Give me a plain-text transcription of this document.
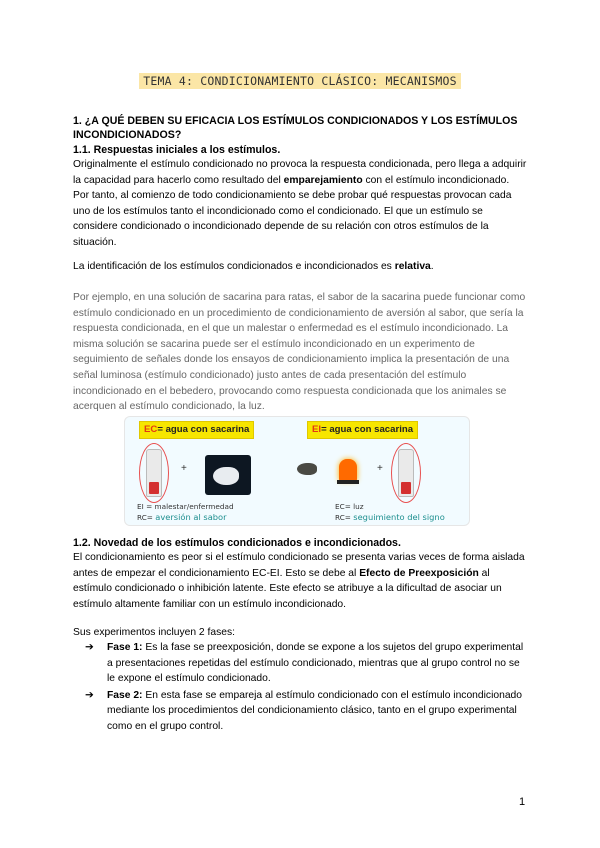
TEMA 4: CONDICIONAMIENTO CLÁSICO: MECANISMOS
1. ¿A QUÉ DEBEN SU EFICACIA LOS ESTÍMULOS CONDICIONADOS Y LOS ESTÍMULOS INCONDICIONADOS?
1.1. Respuestas iniciales a los estímulos.
Originalmente el estímulo condicionado no provoca la respuesta condicionada, pero llega a adquirir la capacidad para hacerlo como resultado del emparejamiento con el estímulo incondicionado. Por tanto, al comienzo de todo condicionamiento se debe probar qué respuestas provocan cada uno de los estímulos tanto el incondicionado como el condicionado. El que un estímulo se considere condicionado o incondicionado depende de su relación con otros estímulos de la situación.
La identificación de los estímulos condicionados e incondicionados es relativa.
Por ejemplo, en una solución de sacarina para ratas, el sabor de la sacarina puede funcionar como estímulo condicionado en un procedimiento de condicionamiento de aversión al sabor, que sería la respuesta condicionada, en el que un malestar o enfermedad es el estímulo incondicionado. La misma solución se sacarina puede ser el estímulo incondicionado en un experimento de seguimiento de señales donde los ensayos de condicionamiento implica la presentación de una señal luminosa (estímulo condicionado) justo antes de cada presentación del estímulo incondicionado en el bebedero, provocando como respuesta condicionada que los animales se acerquen al estímulo condicionado, la luz.
EC= agua con sacarina	EI= agua con sacarina
+	+
EI = malestar/enfermedad
RC= aversión al sabor
EC= luz
RC= seguimiento del signo
1.2. Novedad de los estímulos condicionados e incondicionados.
El condicionamiento es peor si el estímulo condicionado se presenta varias veces de forma aislada antes de empezar el condicionamiento EC-EI. Esto se debe al Efecto de Preexposición al estímulo condicionado o inhibición latente. Este efecto se atribuye a la dificultad de asociar un estímulo altamente familiar con un estímulo incondicionado.
Sus experimentos incluyen 2 fases:
➔ Fase 1: Es la fase se preexposición, donde se expone a los sujetos del grupo experimental a presentaciones repetidas del estímulo condicionado, mientras que al grupo control no se le expone el estímulo condicionado.
➔ Fase 2: En esta fase se empareja al estímulo condicionado con el estímulo incondicionado mediante los procedimientos del condicionamiento clásico, tanto en el grupo experimental como en el grupo control.
1
